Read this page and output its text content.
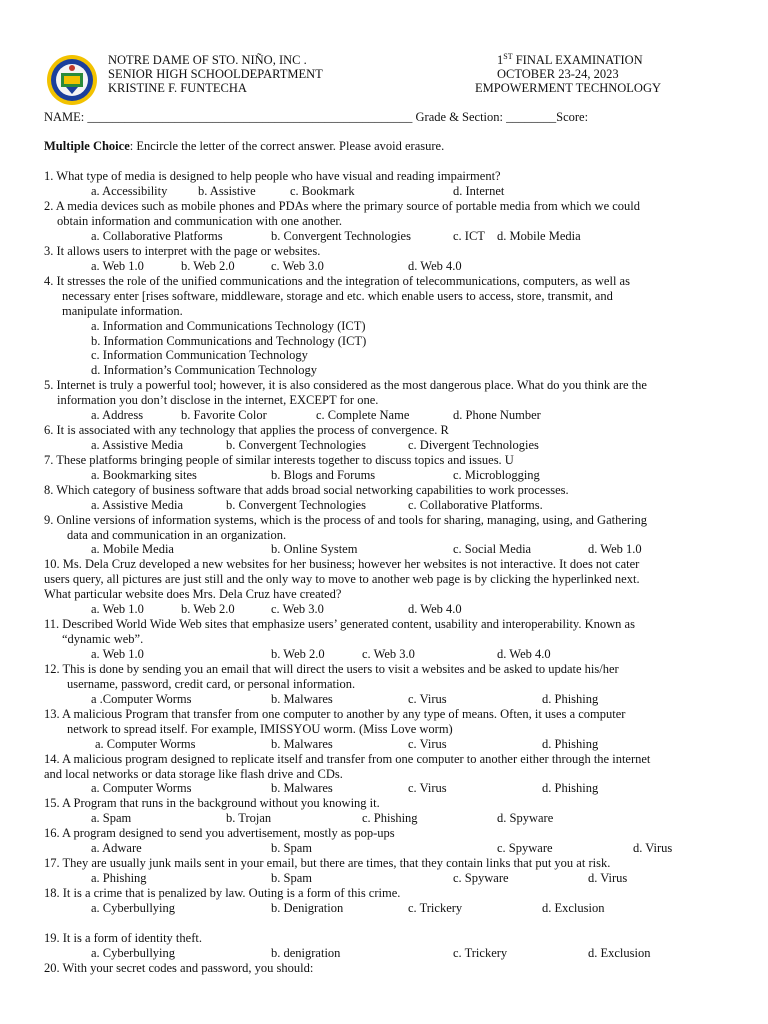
NOTRE DAME OF STO. NIÑO, INC .
SENIOR HIGH SCHOOLDEPARTMENT
KRISTINE F. FUNTECHA
1ST FINAL EXAMINATION
OCTOBER 23-24, 2023
EMPOWERMENT TECHNOLOGY
NAME: ____________________________________________________ Grade & Section: ________Score:
Multiple Choice: Encircle the letter of the correct answer. Please avoid erasure.
1. What type of media is designed to help people who have visual and reading impairment?
a. Accessibility b. Assistive	c. Bookmark	d. Internet
2. A media devices such as mobile phones and PDAs where the primary source of portable media from which we could
obtain information and communication with one another.
a. Collaborative Platforms	b. Convergent Technologies	c. ICT d. Mobile Media
3. It allows users to interpret with the page or websites.
a. Web 1.0	b. Web 2.0	c. Web 3.0	d. Web 4.0
4. It stresses the role of the unified communications and the integration of telecommunications, computers, as well as
necessary enter [rises software, middleware, storage and etc. which enable users to access, store, transmit, and
manipulate information.
a. Information and Communications Technology (ICT)
b. Information Communications and Technology (ICT)
c. Information Communication Technology
d. Information’s Communication Technology
5. Internet is truly a powerful tool; however, it is also considered as the most dangerous place. What do you think are the
information you don’t disclose in the internet, EXCEPT for one.
a. Address	b. Favorite Color	c. Complete Name	d. Phone Number
6. It is associated with any technology that applies the process of convergence. R
a. Assistive Media	b. Convergent Technologies	c. Divergent Technologies
7. These platforms bringing people of similar interests together to discuss topics and issues. U
a. Bookmarking sites	b. Blogs and Forums	c. Microblogging
8. Which category of business software that adds broad social networking capabilities to work processes.
a. Assistive Media	b. Convergent Technologies	c. Collaborative Platforms.
9. Online versions of information systems, which is the process of and tools for sharing, managing, using, and Gathering
data and communication in an organization.
a. Mobile Media	b. Online System	c. Social Media	d. Web 1.0
10. Ms. Dela Cruz developed a new websites for her business; however her websites is not interactive. It does not cater
users query, all pictures are just still and the only way to move to another web page is by clicking the hyperlinked next.
What particular website does Mrs. Dela Cruz have created?
a. Web 1.0	b. Web 2.0	c. Web 3.0	d. Web 4.0
11. Described World Wide Web sites that emphasize users’ generated content, usability and interoperability. Known as
“dynamic web”.
a. Web 1.0	b. Web 2.0	c. Web 3.0	d. Web 4.0
12. This is done by sending you an email that will direct the users to visit a websites and be asked to update his/her
username, password, credit card, or personal information.
a .Computer Worms	b. Malwares	c. Virus	d. Phishing
13. A malicious Program that transfer from one computer to another by any type of means. Often, it uses a computer
network to spread itself. For example, IMISSYOU worm. (Miss Love worm)
a. Computer Worms	b. Malwares	c. Virus	d. Phishing
14. A malicious program designed to replicate itself and transfer from one computer to another either through the internet
and local networks or data storage like flash drive and CDs.
a. Computer Worms	b. Malwares	c. Virus	d. Phishing
15. A Program that runs in the background without you knowing it.
a. Spam	b. Trojan	c. Phishing	d. Spyware
16. A program designed to send you advertisement, mostly as pop-ups
a. Adware	b. Spam	c. Spyware	d. Virus
17. They are usually junk mails sent in your email, but there are times, that they contain links that put you at risk.
a. Phishing	b. Spam	c. Spyware	d. Virus
18. It is a crime that is penalized by law. Outing is a form of this crime.
a. Cyberbullying	b. Denigration	c. Trickery	d. Exclusion
19. It is a form of identity theft.
a. Cyberbullying	b. denigration	c. Trickery	d. Exclusion
20. With your secret codes and password, you should:
